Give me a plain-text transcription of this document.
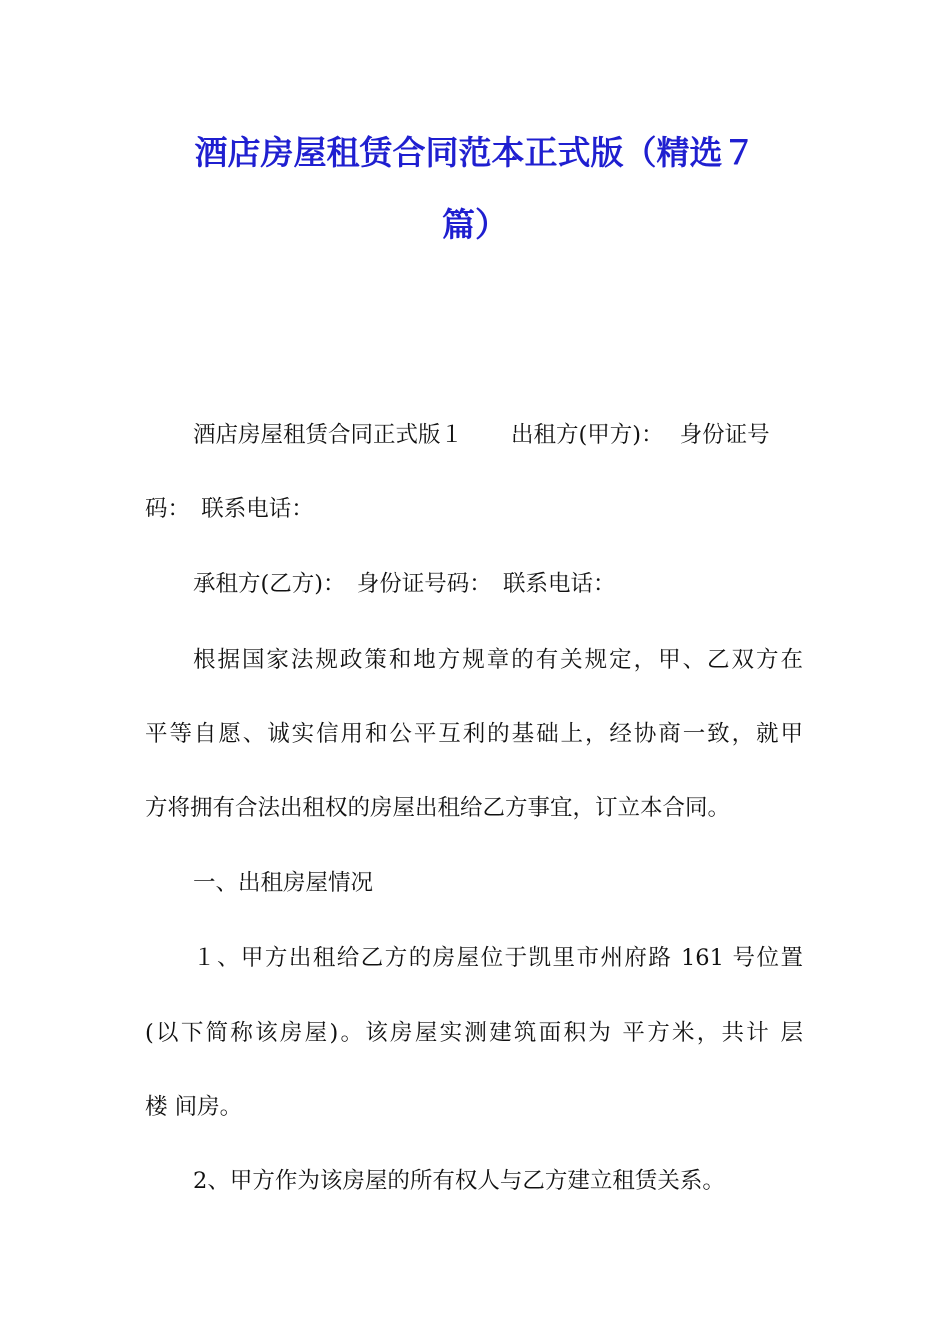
酒店房屋租赁合同范本正式版（精选７
篇）
酒店房屋租赁合同正式版１ 出租方(甲方)： 身份证号
码：　联系电话：
承租方(乙方)：　身份证号码：　联系电话：
根据国家法规政策和地方规章的有关规定，甲、乙双方在
平等自愿、诚实信用和公平互利的基础上，经协商一致，就甲
方将拥有合法出租权的房屋出租给乙方事宜，订立本合同。
一、出租房屋情况
１、甲方出租给乙方的房屋位于凯里市州府路 161 号位置
(以下简称该房屋)。该房屋实测建筑面积为 平方米，共计 层
楼 间房。
2、甲方作为该房屋的所有权人与乙方建立租赁关系。
